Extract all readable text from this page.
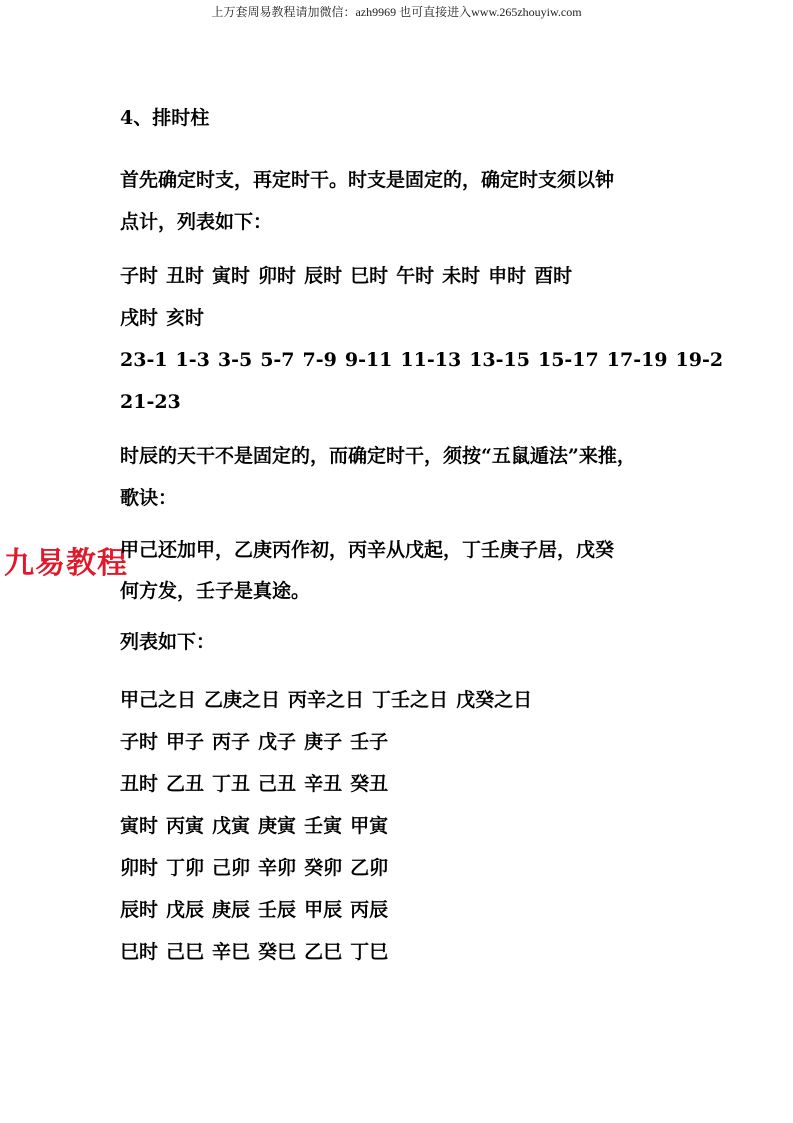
上万套周易教程请加微信：azh9969 也可直接进入www.265zhouyiw.com
九易教程
4、排时柱
首先确定时支，再定时干。时支是固定的，确定时支须以钟
点计，列表如下：
子时 丑时 寅时 卯时 辰时 巳时 午时 未时 申时 酉时
戌时 亥时
23-1 1-3 3-5 5-7 7-9 9-11 11-13 13-15 15-17 17-19 19-2
21-23
时辰的天干不是固定的，而确定时干，须按“五鼠遁法”来推，
歌诀：
甲己还加甲，乙庚丙作初，丙辛从戊起，丁壬庚子居，戊癸
何方发，壬子是真途。
列表如下：
甲己之日 乙庚之日 丙辛之日 丁壬之日 戊癸之日
子时 甲子 丙子 戊子 庚子 壬子
丑时 乙丑 丁丑 己丑 辛丑 癸丑
寅时 丙寅 戊寅 庚寅 壬寅 甲寅
卯时 丁卯 己卯 辛卯 癸卯 乙卯
辰时 戊辰 庚辰 壬辰 甲辰 丙辰
巳时 己巳 辛巳 癸巳 乙巳 丁巳
